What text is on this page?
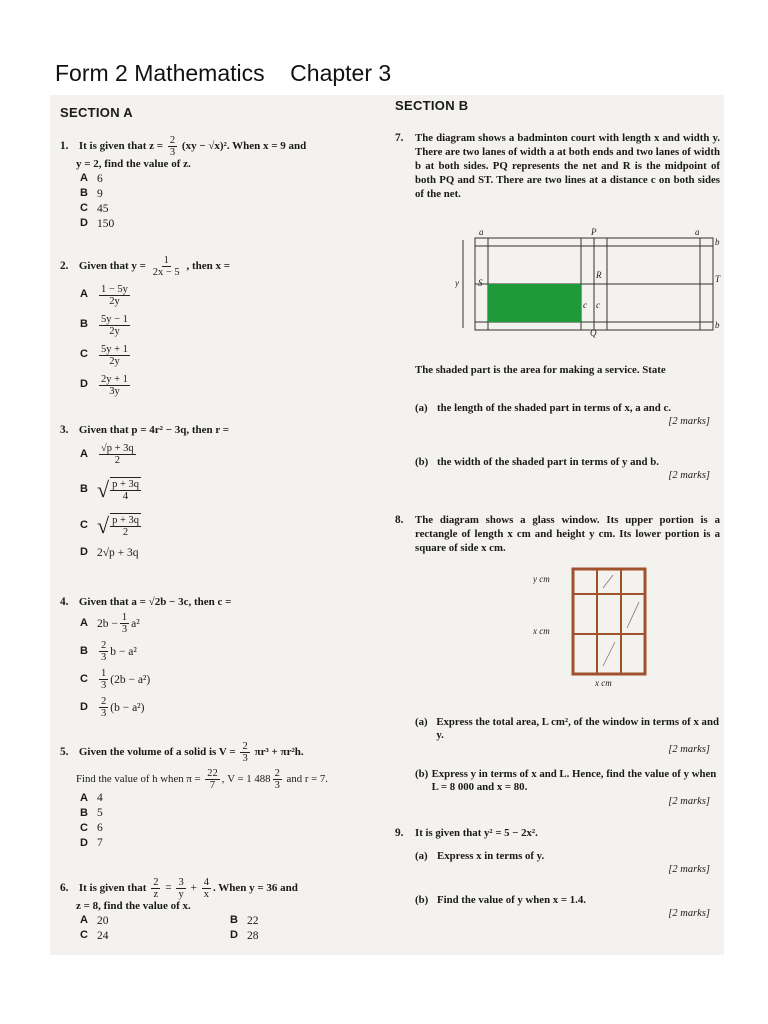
Form 2 Mathematics    Chapter 3
SECTION A
1. It is given that $z = \frac{2}{3} (xy - √x)^2$. When x = 9 and
y = 2, find the value of z.
A 6
B 9
C 45
D 150
2. Given that $y = \frac{1}{2x - 5}$ , then x =
A	$\frac{1 - 5y}{2y}$
B	$\frac{5y - 1}{2y}$
C	$\frac{5y + 1}{2y}$
D	$\frac{2y + 1}{3y}$
3. Given that p = 4r² − 3q, then r =
A	$\frac{√p + 3q}{2}$
B √ $\frac{p + 3q}{4}$
C √ $\frac{p + 3q}{2}$
D 2√p + 3q
4. Given that a = √2b − 3c, then c =
A $2b - \frac{1}{3} a^2$
B	$\frac{2}{3}$ b − a²
C	$\frac{1}{3} (2b - a^2)$
D	$\frac{2}{3} (b - a^2)$
5. Given the volume of a solid is $V = \frac{2}{3} \pi r^3 + \pi r^2h$.
Find the value of h when $\pi = \frac{22}{7}$ , V = 1 $488 \frac{2}{3}$ and r = 7.
A 4
B 5
C 6
D 7
6. It is given that $\frac{2}{z} = \frac{3}{y} + \frac{4}{x}$ . When y = 36 and
z = 8, find the value of x.
A 20	B 22
C 24	D 28
SECTION B
7. The diagram shows a badminton court with length x and width y. There are two lanes of width a at both ends and two lanes of width b at both sides. PQ represents the net and R is the midpoint of both PQ and ST. There are two lines at a distance c on both sides of the net.
a	P	a
b
y S
R	T
c c
b
Q
The shaded part is the area for making a service. State
(a) the length of the shaded part in terms of x, a and c.
[2 marks]
(b) the width of the shaded part in terms of y and b.
[2 marks]
8. The diagram shows a glass window. Its upper portion is a rectangle of length x cm and height y cm. Its lower portion is a square of side x cm.
y cm
x cm
x cm
(a) Express the total area, L cm², of the window in terms of x and y.
[2 marks]
(b) Express y in terms of x and L. Hence, find the value of y when L = 8 000 and x = 80.
[2 marks]
9. It is given that y² = 5 − 2x².
(a) Express x in terms of y.
[2 marks]
(b) Find the value of y when x = 1.4.
[2 marks]
